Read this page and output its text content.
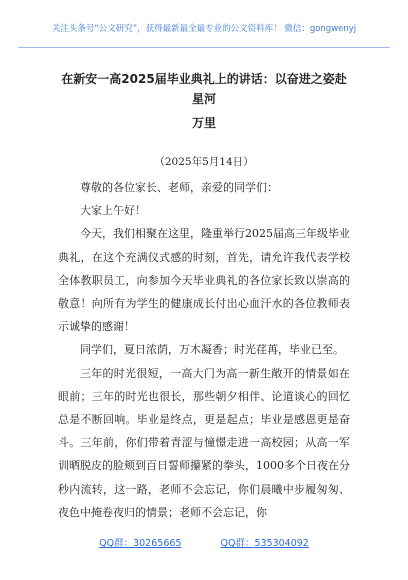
关注头条号“公文研究”，获得最新最全最专业的公文资料库！ 微信：gongwenyj
在新安一高2025届毕业典礼上的讲话：以奋进之姿赴星河
万里
（2025年5月14日）

尊敬的各位家长、老师，亲爱的同学们：

大家上午好！

今天，我们相聚在这里，隆重举行2025届高三年级毕业典礼，在这个充满仪式感的时刻，首先，请允许我代表学校全体教职员工，向参加今天毕业典礼的各位家长致以崇高的敬意！向所有为学生的健康成长付出心血汗水的各位教师表示诚挚的感谢！

同学们，夏日浓荫，万木凝香；时光荏苒，毕业已至。

三年的时光很短，一高大门为高一新生敞开的情景如在眼前；三年的时光也很长，那些朝夕相伴、论道谈心的回忆总是不断回响。毕业是终点，更是起点；毕业是感恩更是奋斗。三年前，你们带着青涩与憧憬走进一高校园；从高一军训晒脱皮的脸颊到百日誓师攥紧的拳头，1000多个日夜在分秒内流转，这一路，老师不会忘记，你们晨曦中步履匆匆、夜色中掩卷夜归的情景；老师不会忘记，你

QQ群：30265665	QQ群：535304092
